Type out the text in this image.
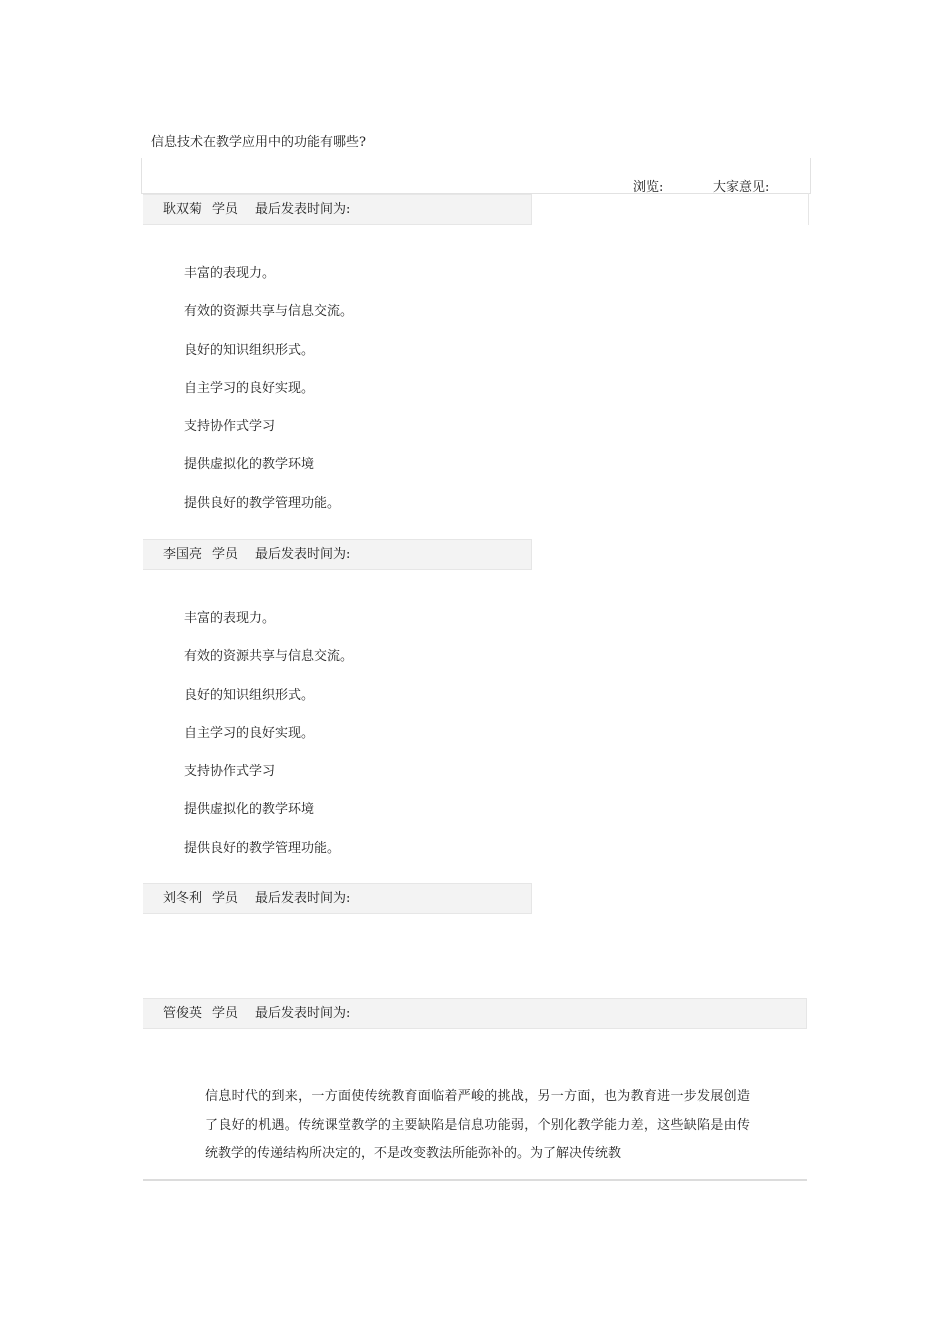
信息技术在教学应用中的功能有哪些?
浏览:	大家意见:
耿双菊 学员 最后发表时间为:
丰富的表现力。
有效的资源共享与信息交流。
良好的知识组织形式。
自主学习的良好实现。
支持协作式学习
提供虚拟化的教学环境
提供良好的教学管理功能。
李国亮 学员 最后发表时间为:
丰富的表现力。
有效的资源共享与信息交流。
良好的知识组织形式。
自主学习的良好实现。
支持协作式学习
提供虚拟化的教学环境
提供良好的教学管理功能。
刘冬利 学员 最后发表时间为:
管俊英 学员 最后发表时间为:

信息时代的到来，一方面使传统教育面临着严峻的挑战，另一方面，也为教育进一步发展创造了良好的机遇。传统课堂教学的主要缺陷是信息功能弱，个别化教学能力差，这些缺陷是由传统教学的传递结构所决定的，不是改变教法所能弥补的。为了解决传统教
